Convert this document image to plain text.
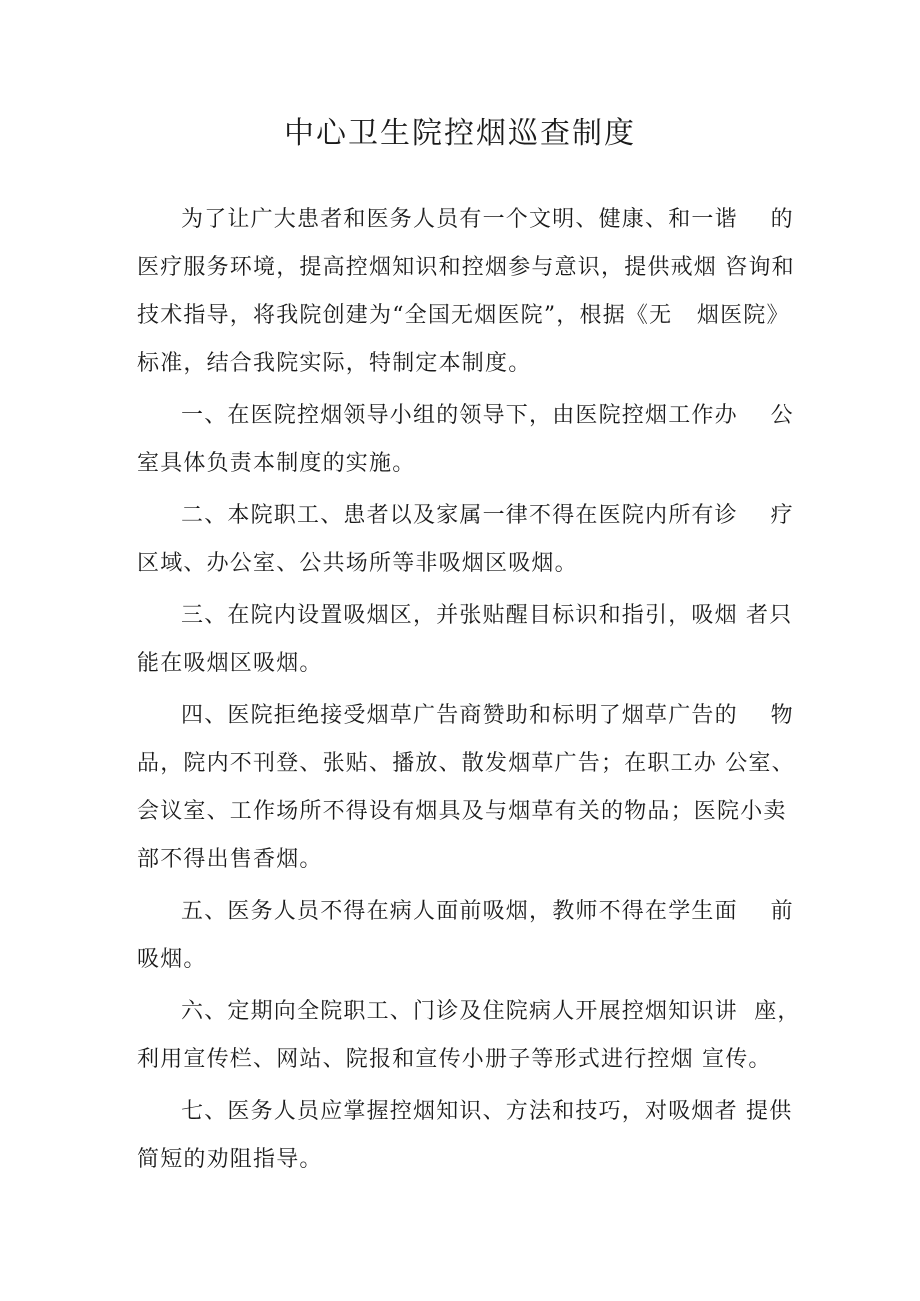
中心卫生院控烟巡查制度
为了让广大患者和医务人员有一个文明、健康、和一谐    的
医疗服务环境，提高控烟知识和控烟参与意识，提供戒烟 咨询和
技术指导，将我院创建为“全国无烟医院”，根据《无   烟医院》
标准，结合我院实际，特制定本制度。
一、在医院控烟领导小组的领导下，由医院控烟工作办    公
室具体负责本制度的实施。
二、本院职工、患者以及家属一律不得在医院内所有诊    疗
区域、办公室、公共场所等非吸烟区吸烟。
三、在院内设置吸烟区，并张贴醒目标识和指引，吸烟 者只
能在吸烟区吸烟。
四、医院拒绝接受烟草广告商赞助和标明了烟草广告的    物
品，院内不刊登、张贴、播放、散发烟草广告；在职工办 公室、
会议室、工作场所不得设有烟具及与烟草有关的物品；医院小卖
部不得出售香烟。
五、医务人员不得在病人面前吸烟，教师不得在学生面    前
吸烟。
六、定期向全院职工、门诊及住院病人开展控烟知识讲  座，
利用宣传栏、网站、院报和宣传小册子等形式进行控烟 宣传。
七、医务人员应掌握控烟知识、方法和技巧，对吸烟者 提供
简短的劝阻指导。
